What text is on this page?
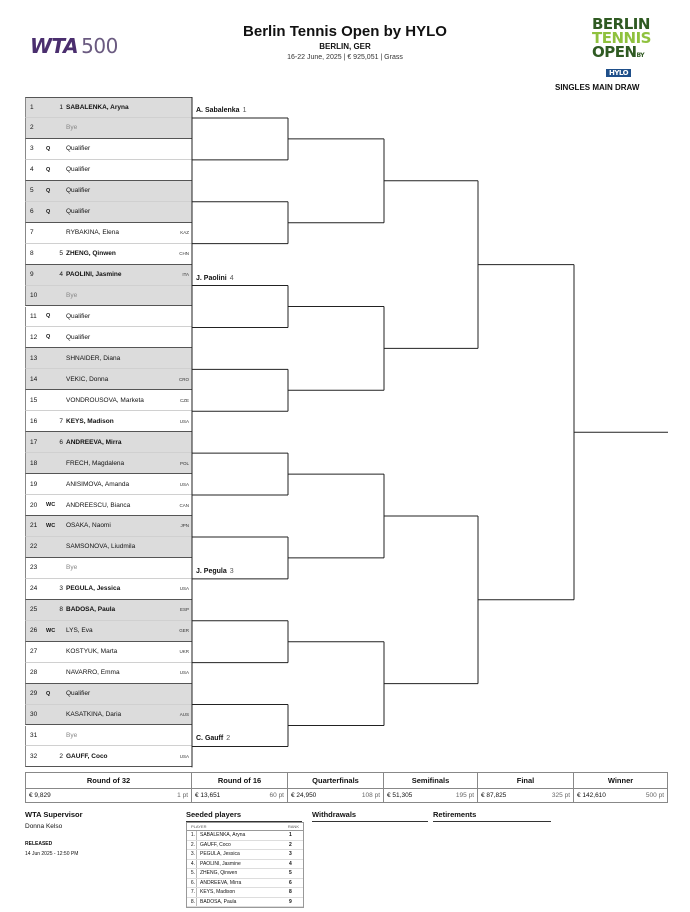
WTA 500
Berlin Tennis Open by HYLO
BERLIN, GER
16-22 June, 2025 | € 925,051 | Grass
BERLIN
TENNIS
OPENBY
HYLO
SINGLES MAIN DRAW
1	1 SABALENKA, Aryna
2	Bye
3	Q	Qualifier
4	Q	Qualifier
5	Q	Qualifier
6	Q	Qualifier
7	RYBAKINA, Elena	KAZ
8	5 ZHENG, Qinwen	CHN
9	4 PAOLINI, Jasmine	ITA
10	Bye
11	Q	Qualifier
12	Q	Qualifier
13	SHNAIDER, Diana
14	VEKIC, Donna	CRO
15	VONDROUSOVA, Marketa	CZE
16	7 KEYS, Madison	USA
17	6 ANDREEVA, Mirra
18	FRECH, Magdalena	POL
19	ANISIMOVA, Amanda	USA
20	WC ANDREESCU, Bianca	CAN
21	WC OSAKA, Naomi	JPN
22	SAMSONOVA, Liudmila
23	Bye
24	3 PEGULA, Jessica	USA
25	8 BADOSA, Paula	ESP
26	WC LYS, Eva	GER
27	KOSTYUK, Marta	UKR
28	NAVARRO, Emma	USA
29	Q	Qualifier
30	KASATKINA, Daria	AUS
31	Bye
32	2 GAUFF, Coco	USA
A. Sabalenka 1
J. Paolini 4
J. Pegula 3
C. Gauff 2
Round of 32
€ 9,829	1 pt
Round of 16
€ 13,651	60 pt
Quarterfinals
€ 24,950	108 pt
Semifinals
€ 51,305	195 pt
Final
€ 87,825	325 pt
Winner
€ 142,610	500 pt
WTA Supervisor
Donna Kelso
RELEASED
14 Jun 2025 - 12:50 PM
Seeded players	Withdrawals	Retirements
PLAYER	RANK
1.	SABALENKA, Aryna	1
2.	GAUFF, Coco	2
3.	PEGULA, Jessica	3
4.	PAOLINI, Jasmine	4
5.	ZHENG, Qinwen	5
6.	ANDREEVA, Mirra	6
7.	KEYS, Madison	8
8.	BADOSA, Paula	9
